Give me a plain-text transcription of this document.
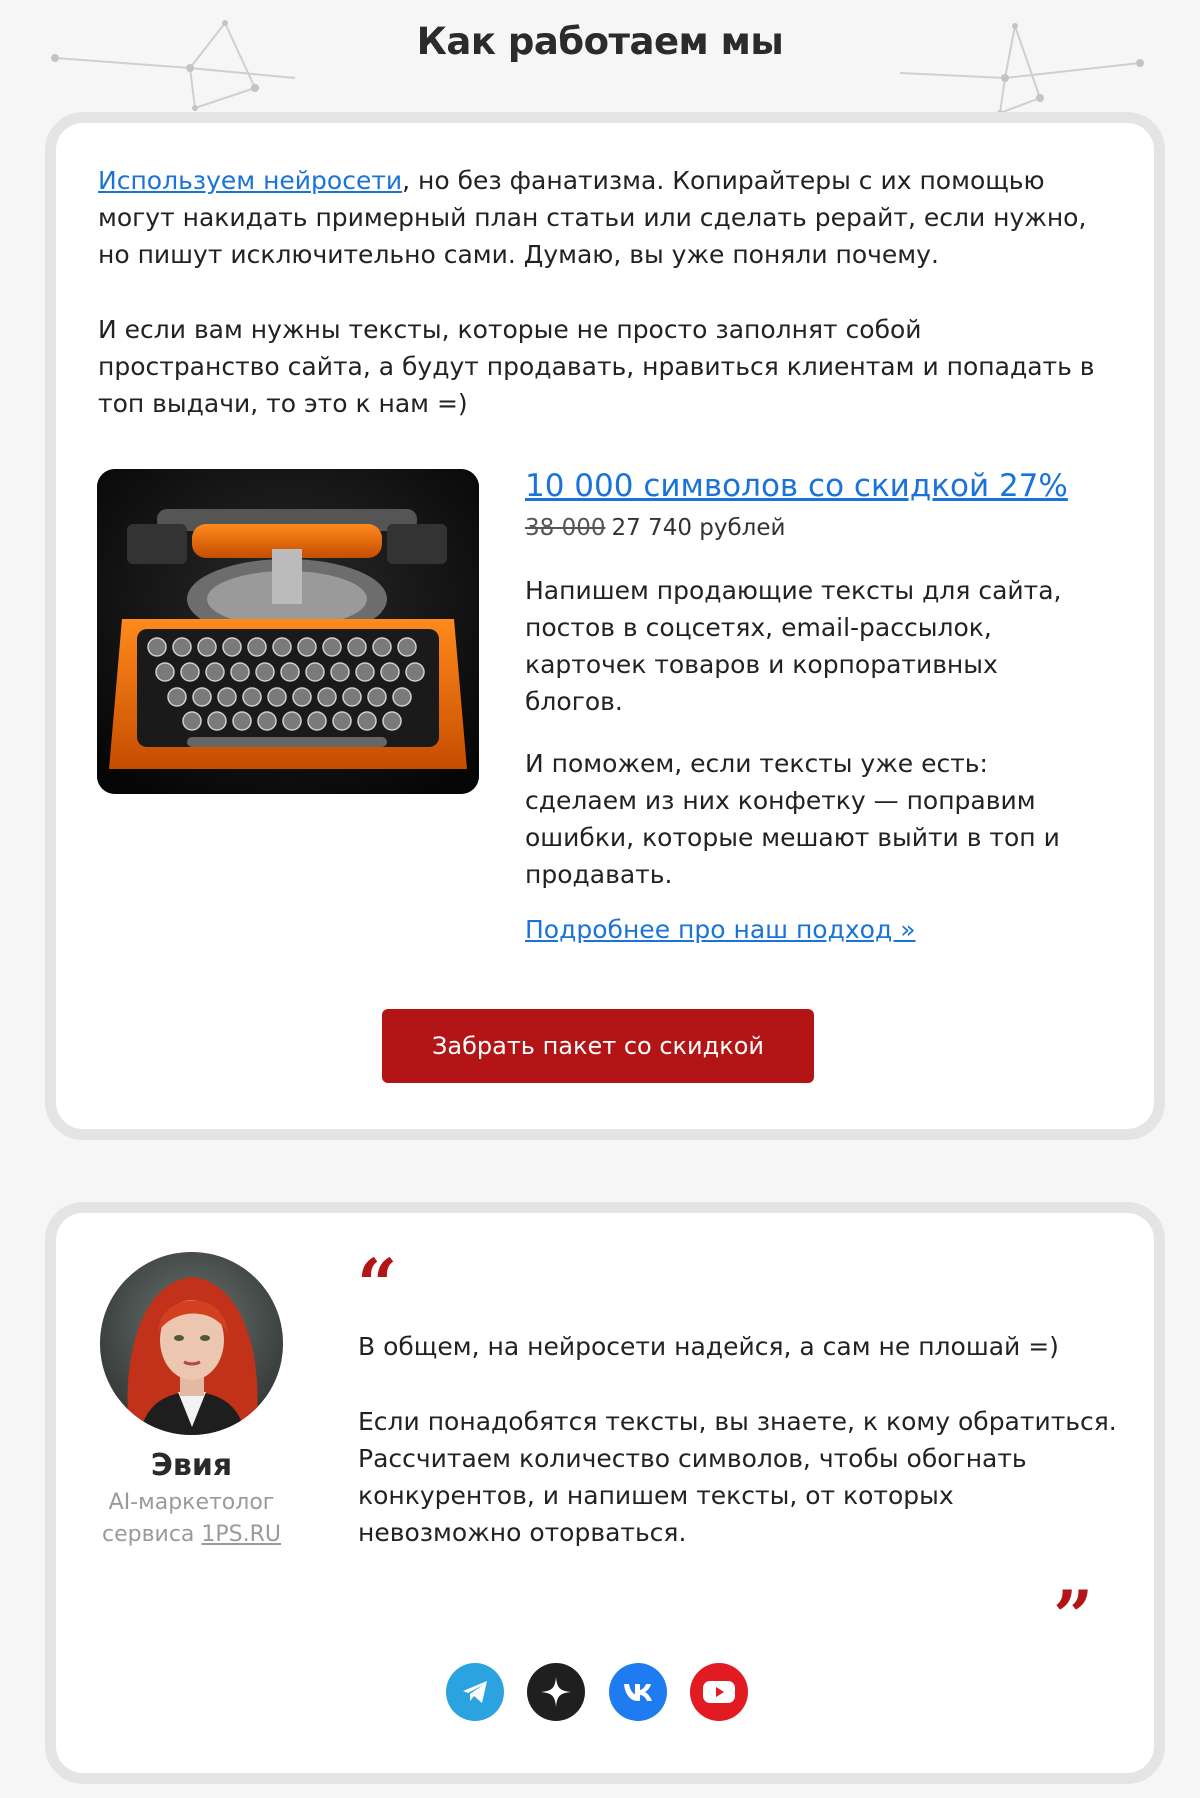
Как работаем мы

Используем нейросети, но без фанатизма. Копирайтеры с их помощью могут накидать примерный план статьи или сделать рерайт, если нужно, но пишут исключительно сами. Думаю, вы уже поняли почему.

И если вам нужны тексты, которые не просто заполнят собой пространство сайта, а будут продавать, нравиться клиентам и попадать в топ выдачи, то это к нам =)

10 000 символов со скидкой 27%
38 000 27 740 рублей

Напишем продающие тексты для сайта, постов в соцсетях, email-рассылок, карточек товаров и корпоративных блогов.

И поможем, если тексты уже есть: сделаем из них конфетку — поправим ошибки, которые мешают выйти в топ и продавать.

Подробнее про наш подход »
Забрать пакет со скидкой
Эвия
AI-маркетолог
сервиса 1PS.RU
“

В общем, на нейросети надейся, а сам не плошай =)

Если понадобятся тексты, вы знаете, к кому обратиться. Рассчитаем количество символов, чтобы обогнать конкурентов, и напишем тексты, от которых невозможно оторваться.

”
